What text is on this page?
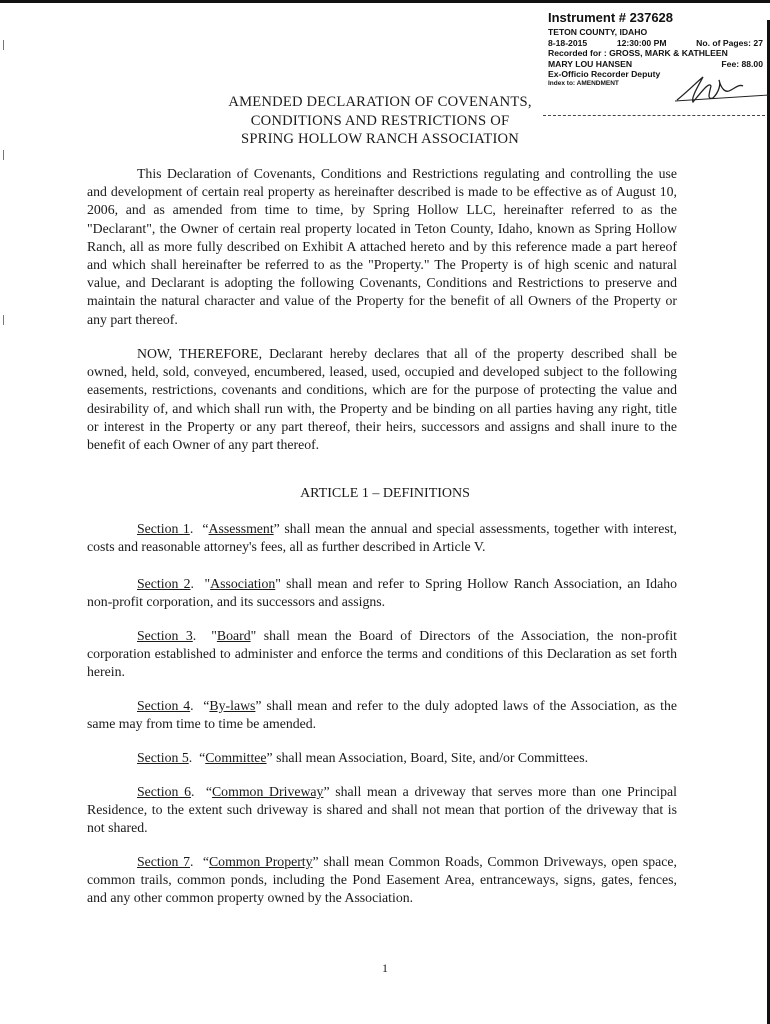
Instrument # 237628
TETON COUNTY, IDAHO
8-18-2015	12:30:00 PM	No. of Pages: 27
Recorded for : GROSS, MARK & KATHLEEN
MARY LOU HANSEN	Fee: 88.00
Ex-Officio Recorder Deputy
Index to: AMENDMENT
AMENDED DECLARATION OF COVENANTS,
CONDITIONS AND RESTRICTIONS OF
SPRING HOLLOW RANCH ASSOCIATION
This Declaration of Covenants, Conditions and Restrictions regulating and controlling the use and development of certain real property as hereinafter described is made to be effective as of August 10, 2006, and as amended from time to time, by Spring Hollow LLC, hereinafter referred to as the "Declarant", the Owner of certain real property located in Teton County, Idaho, known as Spring Hollow Ranch, all as more fully described on Exhibit A attached hereto and by this reference made a part hereof and which shall hereinafter be referred to as the "Property." The Property is of high scenic and natural value, and Declarant is adopting the following Covenants, Conditions and Restrictions to preserve and maintain the natural character and value of the Property for the benefit of all Owners of the Property or any part thereof.
NOW, THEREFORE, Declarant hereby declares that all of the property described shall be owned, held, sold, conveyed, encumbered, leased, used, occupied and developed subject to the following easements, restrictions, covenants and conditions, which are for the purpose of protecting the value and desirability of, and which shall run with, the Property and be binding on all parties having any right, title or interest in the Property or any part thereof, their heirs, successors and assigns and shall inure to the benefit of each Owner of any part thereof.
ARTICLE 1 – DEFINITIONS
Section 1.  “Assessment” shall mean the annual and special assessments, together with interest, costs and reasonable attorney's fees, all as further described in Article V.
Section 2.  "Association" shall mean and refer to Spring Hollow Ranch Association, an Idaho non-profit corporation, and its successors and assigns.
Section 3.  "Board" shall mean the Board of Directors of the Association, the non-profit corporation established to administer and enforce the terms and conditions of this Declaration as set forth herein.
Section 4.  “By-laws” shall mean and refer to the duly adopted laws of the Association, as the same may from time to time be amended.
Section 5.  “Committee” shall mean Association, Board, Site, and/or Committees.
Section 6.  “Common Driveway” shall mean a driveway that serves more than one Principal Residence, to the extent such driveway is shared and shall not mean that portion of the driveway that is not shared.
Section 7.  “Common Property” shall mean Common Roads, Common Driveways, open space, common trails, common ponds, including the Pond Easement Area, entranceways, signs, gates, fences, and any other common property owned by the Association.
1
